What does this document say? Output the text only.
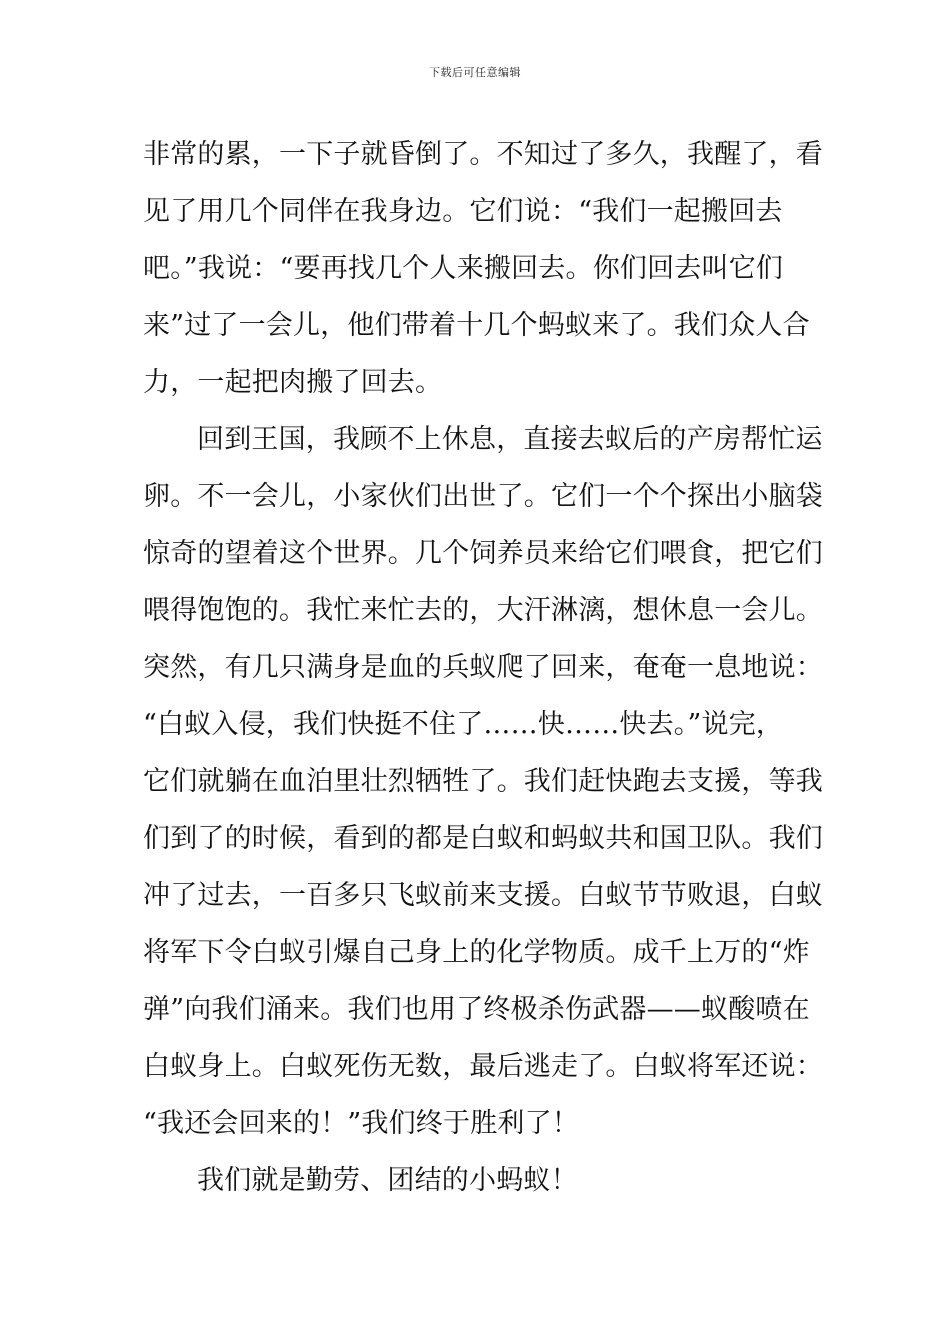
下载后可任意编辑
非常的累，一下子就昏倒了。不知过了多久，我醒了，看
见了用几个同伴在我身边。它们说：“我们一起搬回去
吧。”我说：“要再找几个人来搬回去。你们回去叫它们
来”过了一会儿，他们带着十几个蚂蚁来了。我们众人合
力，一起把肉搬了回去。
回到王国，我顾不上休息，直接去蚁后的产房帮忙运
卵。不一会儿，小家伙们出世了。它们一个个探出小脑袋
惊奇的望着这个世界。几个饲养员来给它们喂食，把它们
喂得饱饱的。我忙来忙去的，大汗淋漓，想休息一会儿。
突然，有几只满身是血的兵蚁爬了回来，奄奄一息地说：
“白蚁入侵，我们快挺不住了……快……快去。”说完，
它们就躺在血泊里壮烈牺牲了。我们赶快跑去支援，等我
们到了的时候，看到的都是白蚁和蚂蚁共和国卫队。我们
冲了过去，一百多只飞蚁前来支援。白蚁节节败退，白蚁
将军下令白蚁引爆自己身上的化学物质。成千上万的“炸
弹”向我们涌来。我们也用了终极杀伤武器——蚁酸喷在
白蚁身上。白蚁死伤无数，最后逃走了。白蚁将军还说：
“我还会回来的！”我们终于胜利了！
我们就是勤劳、团结的小蚂蚁！
